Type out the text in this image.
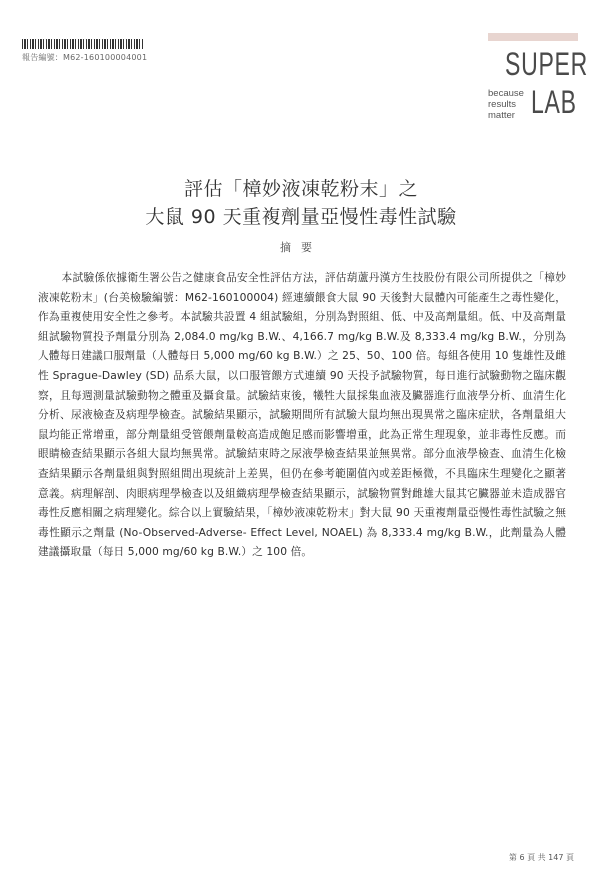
報告編號：M62-160100004001	SUPER
because
results
matter LAB
評估「樟妙液凍乾粉末」之
大鼠 90 天重複劑量亞慢性毒性試驗
摘要
本試驗係依據衛生署公告之健康食品安全性評估方法，評估葫蘆丹漢方生技股份有限公司所提供之「樟妙液凍乾粉末」(台美檢驗編號：M62-160100004) 經連續餵食大鼠 90 天後對大鼠體內可能產生之毒性變化，作為重複使用安全性之參考。本試驗共設置 4 組試驗組，分別為對照組、低、中及高劑量組。低、中及高劑量組試驗物質投予劑量分別為 2,084.0 mg/kg B.W.、4,166.7 mg/kg B.W.及 8,333.4 mg/kg B.W.，分別為人體每日建議口服劑量（人體每日 5,000 mg/60 kg B.W.）之 25、50、100 倍。每組各使用 10 隻雄性及雌性 Sprague-Dawley (SD) 品系大鼠，以口服管餵方式連續 90 天投予試驗物質，每日進行試驗動物之臨床觀察，且每週測量試驗動物之體重及攝食量。試驗結束後，犧牲大鼠採集血液及臟器進行血液學分析、血清生化分析、尿液檢查及病理學檢查。試驗結果顯示，試驗期間所有試驗大鼠均無出現異常之臨床症狀，各劑量組大鼠均能正常增重，部分劑量組受管餵劑量較高造成飽足感而影響增重，此為正常生理現象，並非毒性反應。而眼睛檢查結果顯示各組大鼠均無異常。試驗結束時之尿液學檢查結果並無異常。部分血液學檢查、血清生化檢查結果顯示各劑量組與對照組間出現統計上差異，但仍在參考範圍值內或差距極微，不具臨床生理變化之顯著意義。病理解剖、肉眼病理學檢查以及組織病理學檢查結果顯示，試驗物質對雌雄大鼠其它臟器並未造成器官毒性反應相關之病理變化。綜合以上實驗結果，「樟妙液凍乾粉末」對大鼠 90 天重複劑量亞慢性毒性試驗之無毒性顯示之劑量 (No-Observed-Adverse- Effect Level, NOAEL) 為 8,333.4 mg/kg B.W.，此劑量為人體建議攝取量（每日 5,000 mg/60 kg B.W.）之 100 倍。
第 6 頁 共 147 頁
